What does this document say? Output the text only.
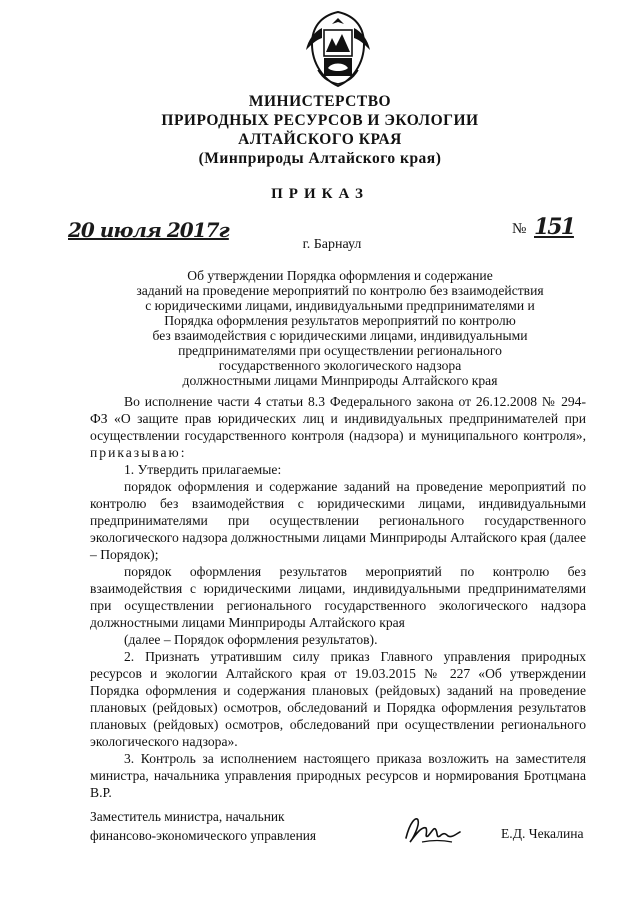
МИНИСТЕРСТВО
ПРИРОДНЫХ РЕСУРСОВ И ЭКОЛОГИИ
АЛТАЙСКОГО КРАЯ
(Минприроды Алтайского края)
ПРИКАЗ
20 июля 2017г	№ 151
г. Барнаул
Об утверждении Порядка оформления и содержание
заданий на проведение мероприятий по контролю без взаимодействия
с юридическими лицами, индивидуальными предпринимателями и
Порядка оформления результатов мероприятий по контролю
без взаимодействия с юридическими лицами, индивидуальными
предпринимателями при осуществлении регионального
государственного экологического надзора
должностными лицами Минприроды Алтайского края

Во исполнение части 4 статьи 8.3 Федерального закона от 26.12.2008 № 294-ФЗ «О защите прав юридических лиц и индивидуальных предпринимателей при осуществлении государственного контроля (надзора) и муниципального контроля», приказываю:

1. Утвердить прилагаемые:

порядок оформления и содержание заданий на проведение мероприятий по контролю без взаимодействия с юридическими лицами, индивидуальными предпринимателями при осуществлении регионального государственного экологического надзора должностными лицами Минприроды Алтайского края (далее – Порядок);

порядок оформления результатов мероприятий по контролю без взаимодействия с юридическими лицами, индивидуальными предпринимателями при осуществлении регионального государственного экологического надзора должностными лицами Минприроды Алтайского края

(далее – Порядок оформления результатов).

2. Признать утратившим силу приказ Главного управления природных ресурсов и экологии Алтайского края от 19.03.2015 № 227 «Об утверждении Порядка оформления и содержания плановых (рейдовых) заданий на проведение плановых (рейдовых) осмотров, обследований и Порядка оформления результатов плановых (рейдовых) осмотров, обследований при осуществлении регионального экологического надзора».

3. Контроль за исполнением настоящего приказа возложить на заместителя министра, начальника управления природных ресурсов и нормирования Бротцмана В.Р.

Заместитель министра, начальник
финансово-экономического управления	Е.Д. Чекалина
